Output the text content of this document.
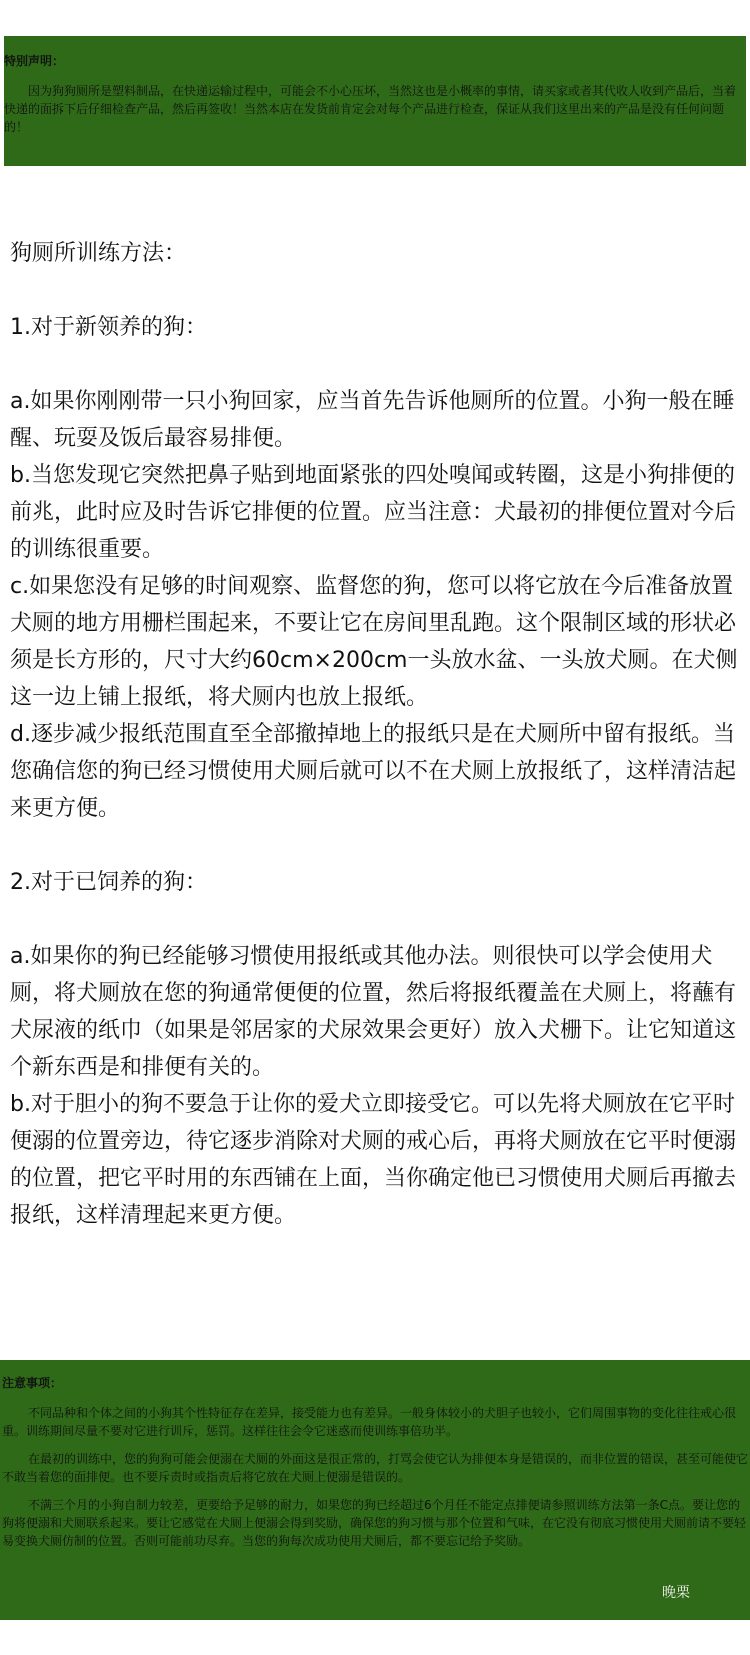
特别声明：

因为狗狗厕所是塑料制品，在快递运输过程中，可能会不小心压坏，当然这也是小概率的事情，请买家或者其代收人收到产品后，当着快递的面拆下后仔细检查产品，然后再签收！当然本店在发货前肯定会对每个产品进行检查，保证从我们这里出来的产品是没有任何问题的！

狗厕所训练方法：

1.对于新领养的狗：

a.如果你刚刚带一只小狗回家，应当首先告诉他厕所的位置。小狗一般在睡醒、玩耍及饭后最容易排便。

b.当您发现它突然把鼻子贴到地面紧张的四处嗅闻或转圈，这是小狗排便的前兆，此时应及时告诉它排便的位置。应当注意：犬最初的排便位置对今后的训练很重要。

c.如果您没有足够的时间观察、监督您的狗，您可以将它放在今后准备放置犬厕的地方用栅栏围起来，不要让它在房间里乱跑。这个限制区域的形状必须是长方形的，尺寸大约60cm×200cm一头放水盆、一头放犬厕。在犬侧这一边上铺上报纸，将犬厕内也放上报纸。

d.逐步减少报纸范围直至全部撤掉地上的报纸只是在犬厕所中留有报纸。当您确信您的狗已经习惯使用犬厕后就可以不在犬厕上放报纸了，这样清洁起来更方便。

2.对于已饲养的狗：

a.如果你的狗已经能够习惯使用报纸或其他办法。则很快可以学会使用犬厕，将犬厕放在您的狗通常便便的位置，然后将报纸覆盖在犬厕上，将蘸有犬尿液的纸巾（如果是邻居家的犬尿效果会更好）放入犬栅下。让它知道这个新东西是和排便有关的。

b.对于胆小的狗不要急于让你的爱犬立即接受它。可以先将犬厕放在它平时便溺的位置旁边，待它逐步消除对犬厕的戒心后，再将犬厕放在它平时便溺的位置，把它平时用的东西铺在上面，当你确定他已习惯使用犬厕后再撤去报纸，这样清理起来更方便。

注意事项：

不同品种和个体之间的小狗其个性特征存在差异，接受能力也有差异。一般身体较小的犬胆子也较小，它们周围事物的变化往往戒心很重。训练期间尽量不要对它进行训斥，惩罚。这样往往会令它迷惑而使训练事倍功半。

在最初的训练中，您的狗狗可能会便溺在犬厕的外面这是很正常的，打骂会使它认为排便本身是错误的，而非位置的错误，甚至可能使它不敢当着您的面排便。也不要斥责时或指责后将它放在犬厕上便溺是错误的。

不满三个月的小狗自制力较差，更要给予足够的耐力，如果您的狗已经超过6个月任不能定点排便请参照训练方法第一条C点。要让您的狗将便溺和犬厕联系起来。要让它感觉在犬厕上便溺会得到奖励，确保您的狗习惯与那个位置和气味，在它没有彻底习惯使用犬厕前请不要轻易变换犬厕仿制的位置。否则可能前功尽弃。当您的狗每次成功使用犬厕后，都不要忘记给予奖励。

晚栗
